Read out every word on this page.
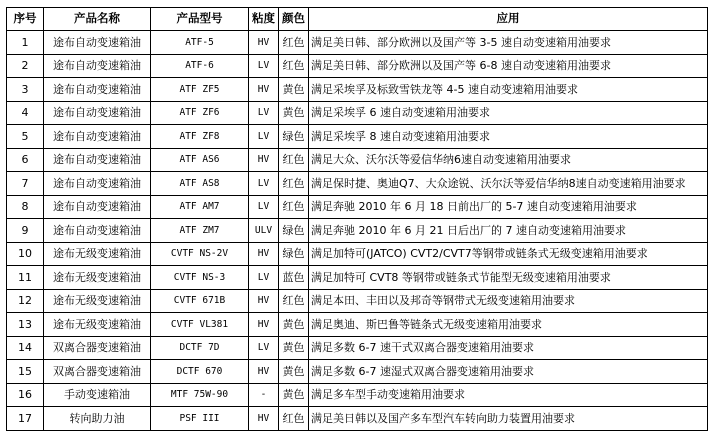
序号	产品名称	产品型号	粘度	颜色	应用
1	途布自动变速箱油	ATF-5	HV	红色	满足美日韩、部分欧洲以及国产等 3-5 速自动变速箱用油要求
2	途布自动变速箱油	ATF-6	LV	红色	满足美日韩、部分欧洲以及国产等 6-8 速自动变速箱用油要求
3	途布自动变速箱油	ATF ZF5	HV	黄色	满足采埃孚及标致雪铁龙等 4-5 速自动变速箱用油要求
4	途布自动变速箱油	ATF ZF6	LV	黄色	满足采埃孚 6 速自动变速箱用油要求
5	途布自动变速箱油	ATF ZF8	LV	绿色	满足采埃孚 8 速自动变速箱用油要求
6	途布自动变速箱油	ATF AS6	HV	红色	满足大众、沃尔沃等爱信华纳6速自动变速箱用油要求
7	途布自动变速箱油	ATF AS8	LV	红色	满足保时捷、奥迪Q7、大众途锐、沃尔沃等爱信华纳8速自动变速箱用油要求
8	途布自动变速箱油	ATF AM7	LV	红色	满足奔驰 2010 年 6 月 18 日前出厂的 5-7 速自动变速箱用油要求
9	途布自动变速箱油	ATF ZM7	ULV	绿色	满足奔驰 2010 年 6 月 21 日后出厂的 7 速自动变速箱用油要求
10	途布无级变速箱油	CVTF NS-2V	HV	绿色	满足加特可(JATCO) CVT2/CVT7等钢带或链条式无级变速箱用油要求
11	途布无级变速箱油	CVTF NS-3	LV	蓝色	满足加特可 CVT8 等钢带或链条式节能型无级变速箱用油要求
12	途布无级变速箱油	CVTF 671B	HV	红色	满足本田、丰田以及邦奇等钢带式无级变速箱用油要求
13	途布无级变速箱油	CVTF VL381	HV	黄色	满足奥迪、斯巴鲁等链条式无级变速箱用油要求
14	双离合器变速箱油	DCTF 7D	LV	黄色	满足多数 6-7 速干式双离合器变速箱用油要求
15	双离合器变速箱油	DCTF 670	HV	黄色	满足多数 6-7 速湿式双离合器变速箱用油要求
16	手动变速箱油	MTF 75W-90	-	黄色	满足多车型手动变速箱用油要求
17	转向助力油	PSF III	HV	红色	满足美日韩以及国产多车型汽车转向助力装置用油要求
